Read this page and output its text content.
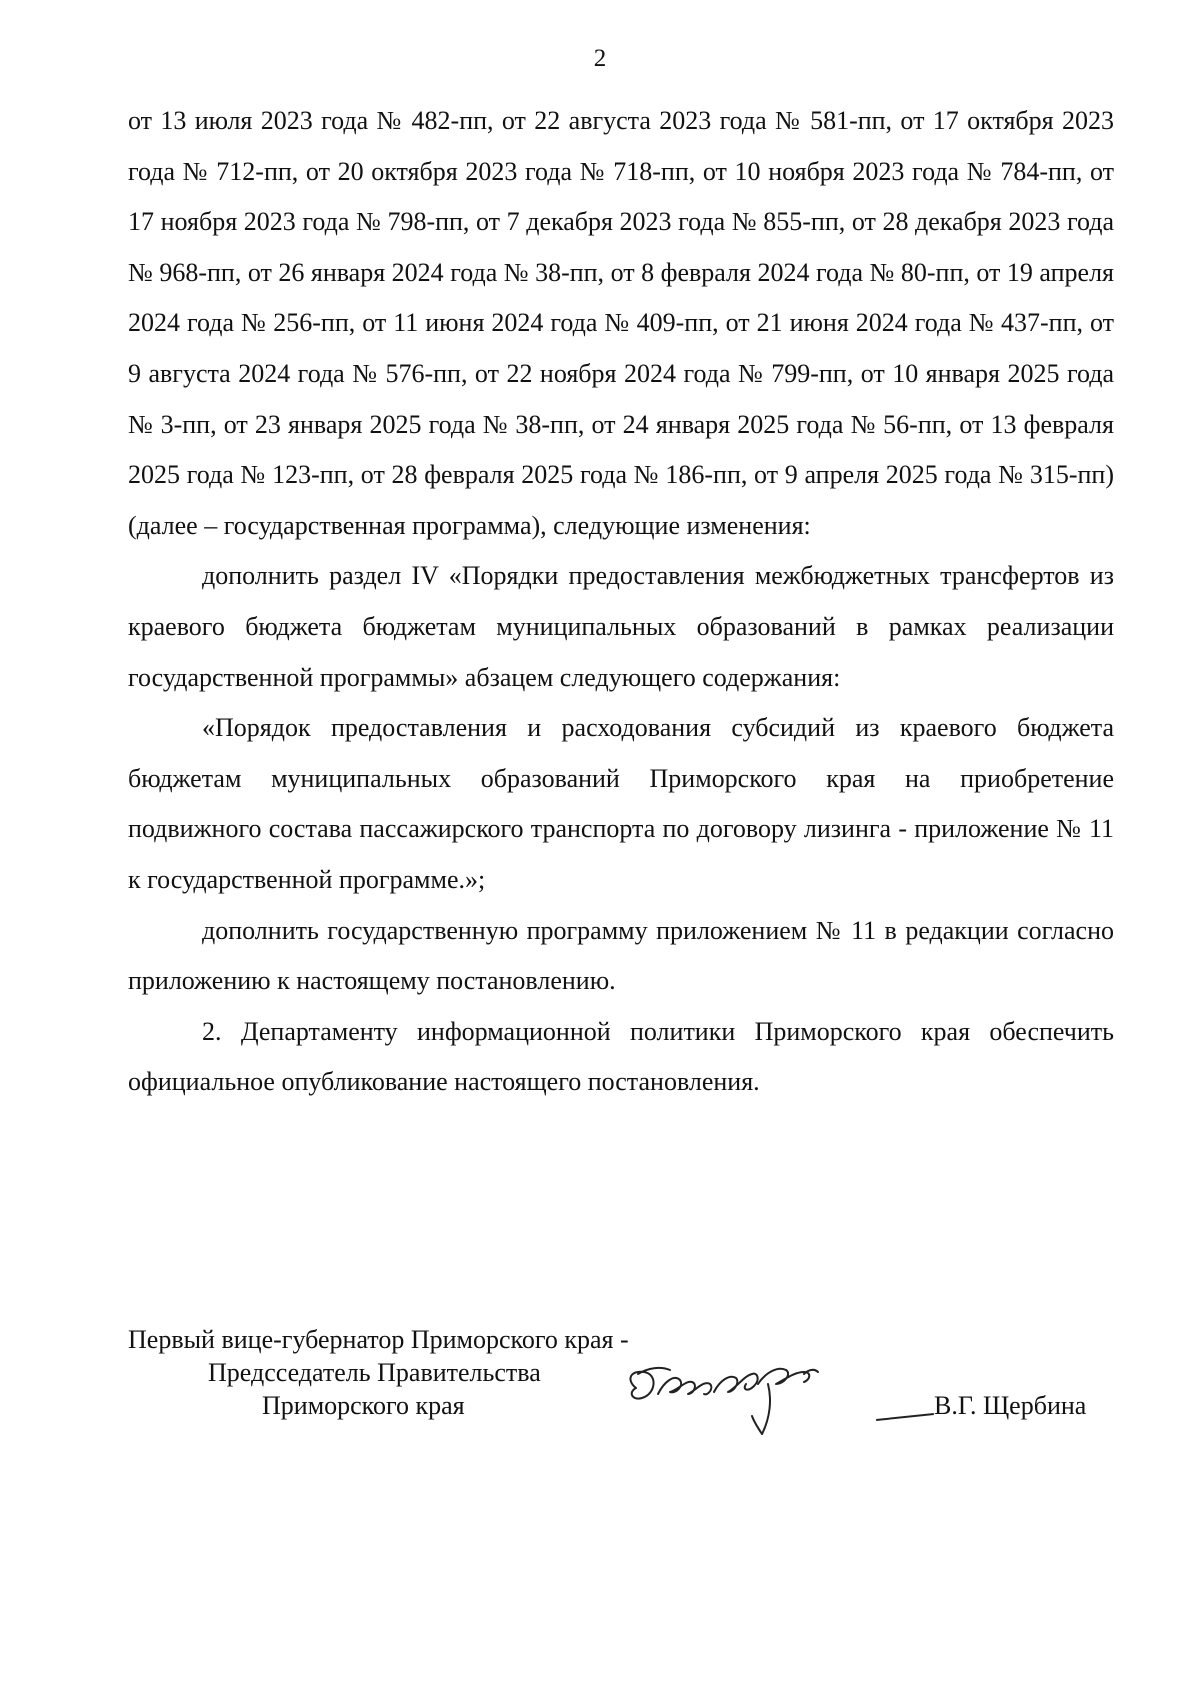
2

от 13 июля 2023 года № 482-пп, от 22 августа 2023 года № 581-пп, от 17 октября 2023 года № 712-пп, от 20 октября 2023 года № 718-пп, от 10 ноября 2023 года № 784-пп, от 17 ноября 2023 года № 798-пп, от 7 декабря 2023 года № 855-пп, от 28 декабря 2023 года № 968-пп, от 26 января 2024 года № 38-пп, от 8 февраля 2024 года № 80-пп, от 19 апреля 2024 года № 256-пп, от 11 июня 2024 года № 409-пп, от 21 июня 2024 года № 437-пп, от 9 августа 2024 года № 576-пп, от 22 ноября 2024 года № 799-пп, от 10 января 2025 года № 3-пп, от 23 января 2025 года № 38-пп, от 24 января 2025 года № 56-пп, от 13 февраля 2025 года № 123-пп, от 28 февраля 2025 года № 186-пп, от 9 апреля 2025 года № 315-пп) (далее – государственная программа), следующие изменения:

дополнить раздел IV «Порядки предоставления межбюджетных трансфертов из краевого бюджета бюджетам муниципальных образований в рамках реализации государственной программы» абзацем следующего содержания:

«Порядок предоставления и расходования субсидий из краевого бюджета бюджетам муниципальных образований Приморского края на приобретение подвижного состава пассажирского транспорта по договору лизинга - приложение № 11 к государственной программе.»;

дополнить государственную программу приложением № 11 в редакции согласно приложению к настоящему постановлению.

2. Департаменту информационной политики Приморского края обеспечить официальное опубликование настоящего постановления.

Первый вице-губернатор Приморского края -
Предсседатель Правительства
Приморского края	В.Г. Щербина
